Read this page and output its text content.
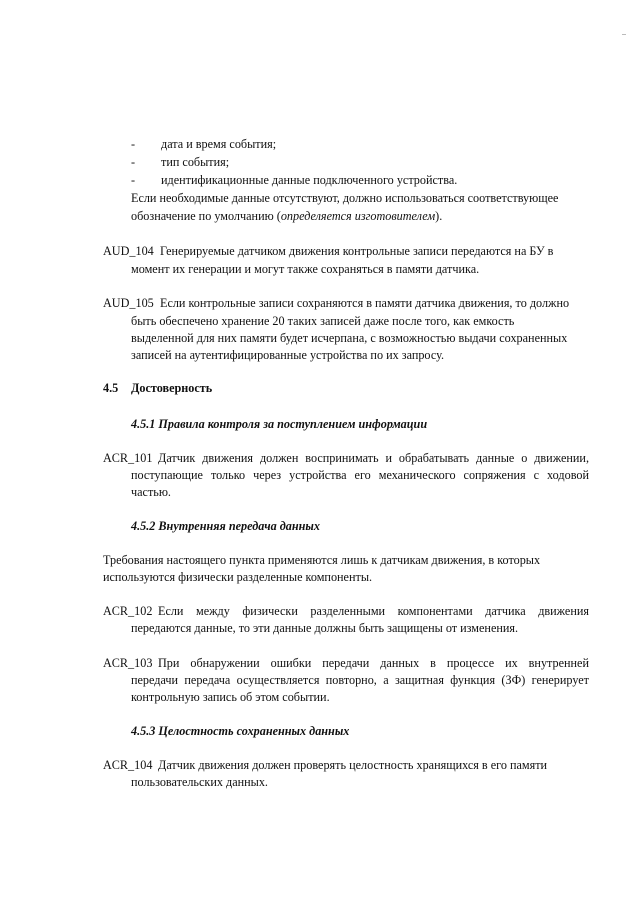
- дата и время события;
- тип события;
- идентификационные данные подключенного устройства.
Если необходимые данные отсутствуют, должно использоваться соответствующее
обозначение по умолчанию (определяется изготовителем).
AUD_104 Генерируемые датчиком движения контрольные записи передаются на БУ в
момент их генерации и могут также сохраняться в памяти датчика.
AUD_105 Если контрольные записи сохраняются в памяти датчика движения, то должно
быть обеспечено хранение 20 таких записей даже после того, как емкость
выделенной для них памяти будет исчерпана, с возможностью выдачи сохраненных
записей на аутентифицированные устройства по их запросу.
4.5 Достоверность
4.5.1 Правила контроля за поступлением информации
ACR_101 Датчик движения должен воспринимать и обрабатывать данные о движении,
поступающие только через устройства его механического сопряжения с ходовой
частью.
4.5.2 Внутренняя передача данных
Требования настоящего пункта применяются лишь к датчикам движения, в которых
используются физически разделенные компоненты.
ACR_102 Если между физически разделенными компонентами датчика движения
передаются данные, то эти данные должны быть защищены от изменения.
ACR_103 При обнаружении ошибки передачи данных в процессе их внутренней
передачи передача осуществляется повторно, а защитная функция (ЗФ) генерирует
контрольную запись об этом событии.
4.5.3 Целостность сохраненных данных
ACR_104 Датчик движения должен проверять целостность хранящихся в его памяти
пользовательских данных.
